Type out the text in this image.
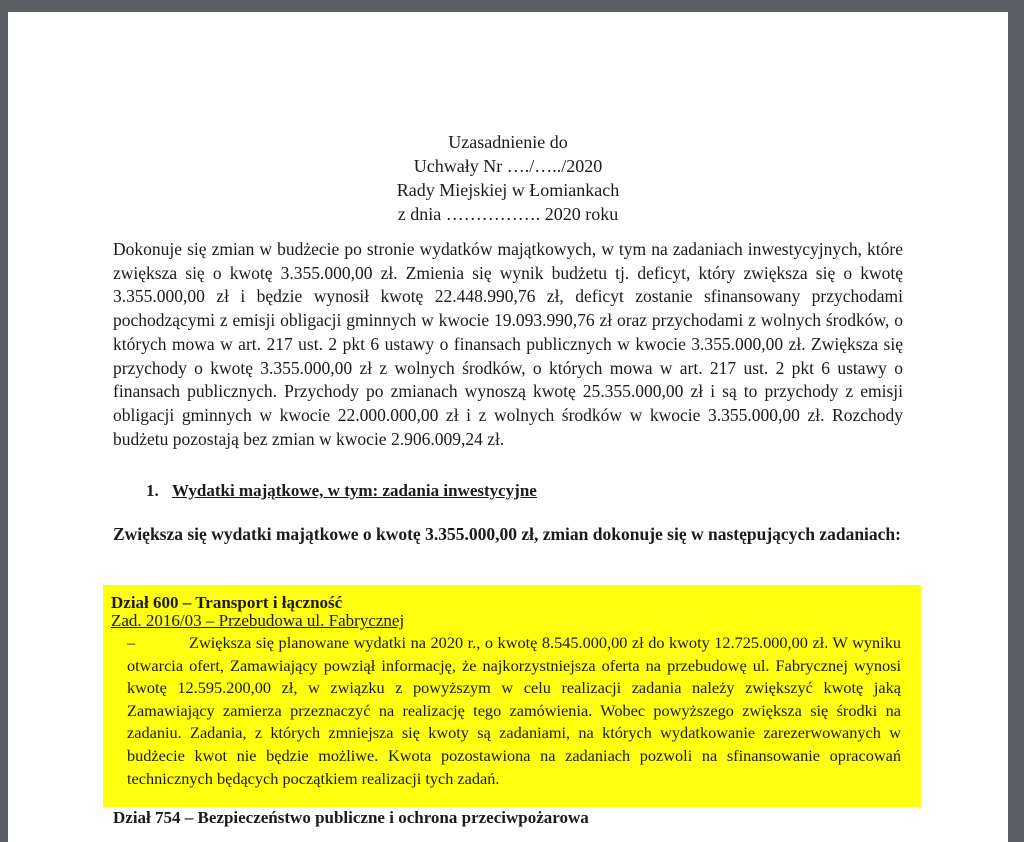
Uzasadnienie do
Uchwały Nr …./…../2020
Rady Miejskiej w Łomiankach
z dnia ……………. 2020 roku
Dokonuje się zmian w budżecie po stronie wydatków majątkowych, w tym na zadaniach inwestycyjnych, które zwiększa się o kwotę 3.355.000,00 zł. Zmienia się wynik budżetu tj. deficyt, który zwiększa się o kwotę 3.355.000,00 zł i będzie wynosił kwotę 22.448.990,76 zł, deficyt zostanie sfinansowany przychodami pochodzącymi z emisji obligacji gminnych w kwocie 19.093.990,76 zł oraz przychodami z wolnych środków, o których mowa w art. 217 ust. 2 pkt 6 ustawy o finansach publicznych w kwocie 3.355.000,00 zł. Zwiększa się przychody o kwotę 3.355.000,00 zł z wolnych środków, o których mowa w art. 217 ust. 2 pkt 6 ustawy o finansach publicznych. Przychody po zmianach wynoszą kwotę 25.355.000,00 zł i są to przychody z emisji obligacji gminnych w kwocie 22.000.000,00 zł i z wolnych środków w kwocie 3.355.000,00 zł. Rozchody budżetu pozostają bez zmian w kwocie 2.906.009,24 zł.
1. Wydatki majątkowe, w tym: zadania inwestycyjne
Zwiększa się wydatki majątkowe o kwotę 3.355.000,00 zł, zmian dokonuje się w następujących zadaniach:
Dział 600 – Transport i łączność
Zad. 2016/03 – Przebudowa ul. Fabrycznej
–	Zwiększa się planowane wydatki na 2020 r., o kwotę 8.545.000,00 zł do kwoty 12.725.000,00 zł. W wyniku otwarcia ofert, Zamawiający powziął informację, że najkorzystniejsza oferta na przebudowę ul. Fabrycznej wynosi kwotę 12.595.200,00 zł, w związku z powyższym w celu realizacji zadania należy zwiększyć kwotę jaką Zamawiający zamierza przeznaczyć na realizację tego zamówienia. Wobec powyższego zwiększa się środki na zadaniu. Zadania, z których zmniejsza się kwoty są zadaniami, na których wydatkowanie zarezerwowanych w budżecie kwot nie będzie możliwe. Kwota pozostawiona na zadaniach pozwoli na sfinansowanie opracowań technicznych będących początkiem realizacji tych zadań.
Dział 754 – Bezpieczeństwo publiczne i ochrona przeciwpożarowa
